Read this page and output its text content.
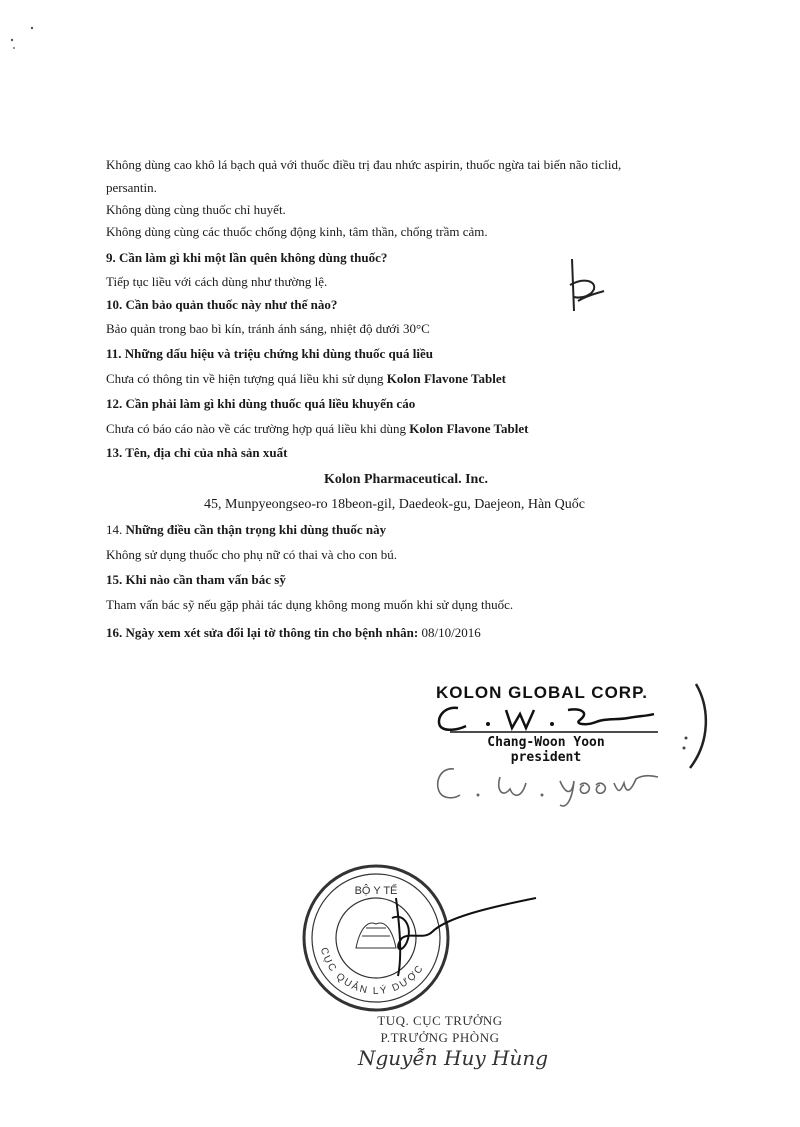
Không dùng cao khô lá bạch quả với thuốc điều trị đau nhức aspirin, thuốc ngừa tai biến não ticlid,
persantin.
Không dùng cùng thuốc chỉ huyết.
Không dùng cùng các thuốc chống động kinh, tâm thần, chống trầm cảm.
9. Cần làm gì khi một lần quên không dùng thuốc?
Tiếp tục liều với cách dùng như thường lệ.
10. Cần bảo quản thuốc này như thế nào?
Bảo quản trong bao bì kín, tránh ánh sáng, nhiệt độ dưới 30°C
11. Những dấu hiệu và triệu chứng khi dùng thuốc quá liều
Chưa có thông tin về hiện tượng quá liều khi sử dụng Kolon Flavone Tablet
12. Cần phải làm gì khi dùng thuốc quá liều khuyến cáo
Chưa có báo cáo nào về các trường hợp quá liều khi dùng Kolon Flavone Tablet
13. Tên, địa chỉ của nhà sản xuất
Kolon Pharmaceutical. Inc.
45, Munpyeongseo-ro 18beon-gil, Daedeok-gu, Daejeon, Hàn Quốc
14. Những điều cần thận trọng khi dùng thuốc này
Không sử dụng thuốc cho phụ nữ có thai và cho con bú.
15. Khi nào cần tham vấn bác sỹ
Tham vấn bác sỹ nếu gặp phải tác dụng không mong muốn khi sử dụng thuốc.
16. Ngày xem xét sửa đổi lại tờ thông tin cho bệnh nhân: 08/10/2016
KOLON GLOBAL CORP.
Chang-Woon Yoon
president
BỘ Y TẾ
CỤC QUẢN LÝ DƯỢC
TUQ. CỤC TRƯỞNG
P.TRƯỞNG PHÒNG
Nguyễn Huy Hùng
